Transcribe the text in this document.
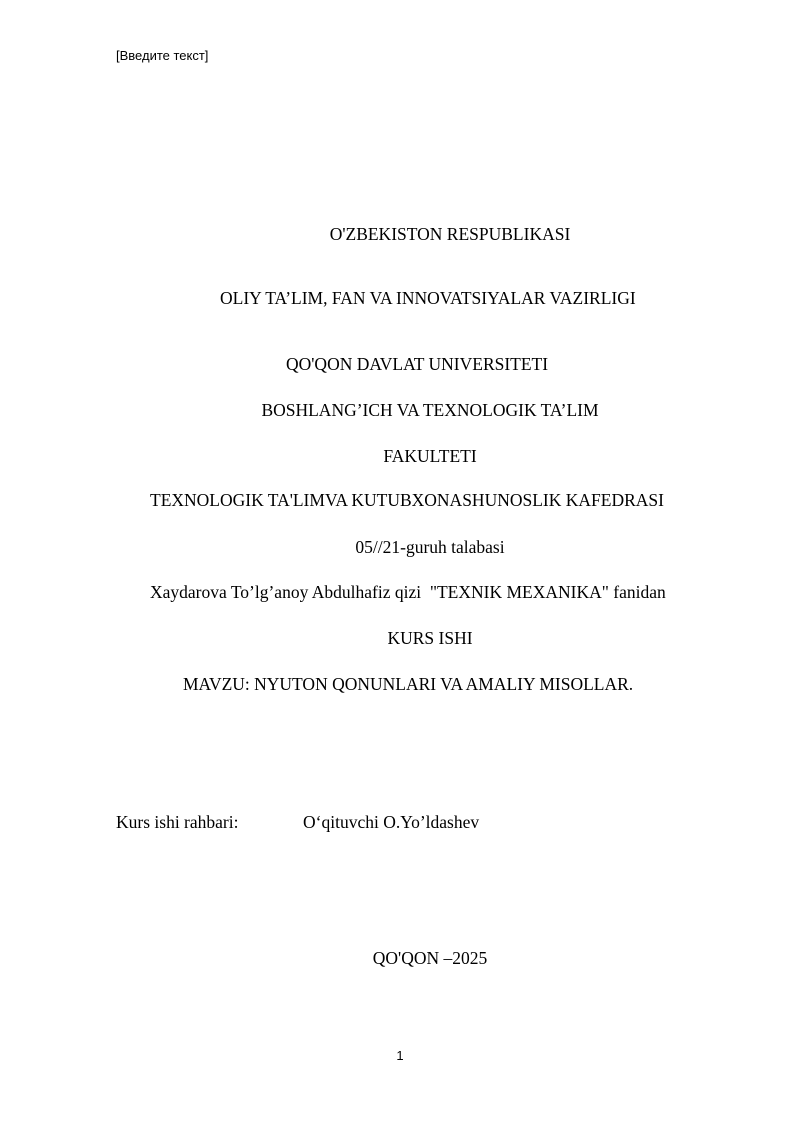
[Введите текст]
O'ZBEKISTON RESPUBLIKASI
OLIY TA’LIM, FAN VA INNOVATSIYALAR VAZIRLIGI
QO'QON DAVLAT UNIVERSITETI
BOSHLANG’ICH VA TEXNOLOGIK TA’LIM
FAKULTETI
TEXNOLOGIK TA'LIMVA KUTUBXONASHUNOSLIK KAFEDRASI
05//21-guruh talabasi
Xaydarova To’lg’anoy Abdulhafiz qizi  "TEXNIK MEXANIKA" fanidan
KURS ISHI
MAVZU: NYUTON QONUNLARI VA AMALIY MISOLLAR.
Kurs ishi rahbari:	O‘qituvchi O.Yo’ldashev
QO'QON –2025
1
